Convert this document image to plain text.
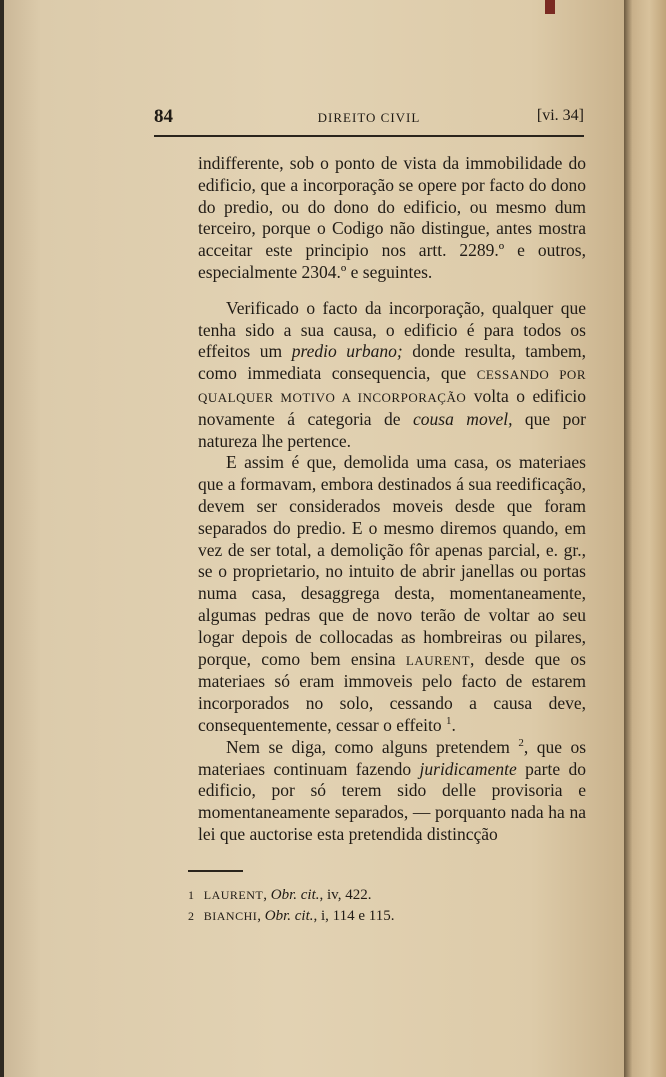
84	DIREITO CIVIL	[vi. 34]

indifferente, sob o ponto de vista da immobilidade do edificio, que a incorporação se opere por facto do dono do predio, ou do dono do edificio, ou mesmo dum terceiro, porque o Codigo não distingue, antes mostra acceitar este principio nos artt. 2289.º e outros, especialmente 2304.º e seguintes.

Verificado o facto da incorporação, qualquer que tenha sido a sua causa, o edificio é para todos os effeitos um predio urbano; donde resulta, tambem, como immediata consequencia, que CESSANDO POR QUALQUER MOTIVO A INCORPORAÇÃO volta o edificio novamente á categoria de cousa movel, que por natureza lhe pertence.

E assim é que, demolida uma casa, os materiaes que a formavam, embora destinados á sua reedificação, devem ser considerados moveis desde que foram separados do predio. E o mesmo diremos quando, em vez de ser total, a demolição fôr apenas parcial, e. gr., se o proprietario, no intuito de abrir janellas ou portas numa casa, desaggrega desta, momentaneamente, algumas pedras que de novo terão de voltar ao seu logar depois de collocadas as hombreiras ou pilares, porque, como bem ensina LAURENT, desde que os materiaes só eram immoveis pelo facto de estarem incorporados no solo, cessando a causa deve, consequentemente, cessar o effeito $^1$.

Nem se diga, como alguns pretendem $^2$, que os materiaes continuam fazendo juridicamente parte do edificio, por só terem sido delle provisoria e momentaneamente separados, — porquanto nada ha na lei que auctorise esta pretendida distincção

1 LAURENT, Obr. cit., iv, 422.
2 BIANCHI, Obr. cit., i, 114 e 115.
